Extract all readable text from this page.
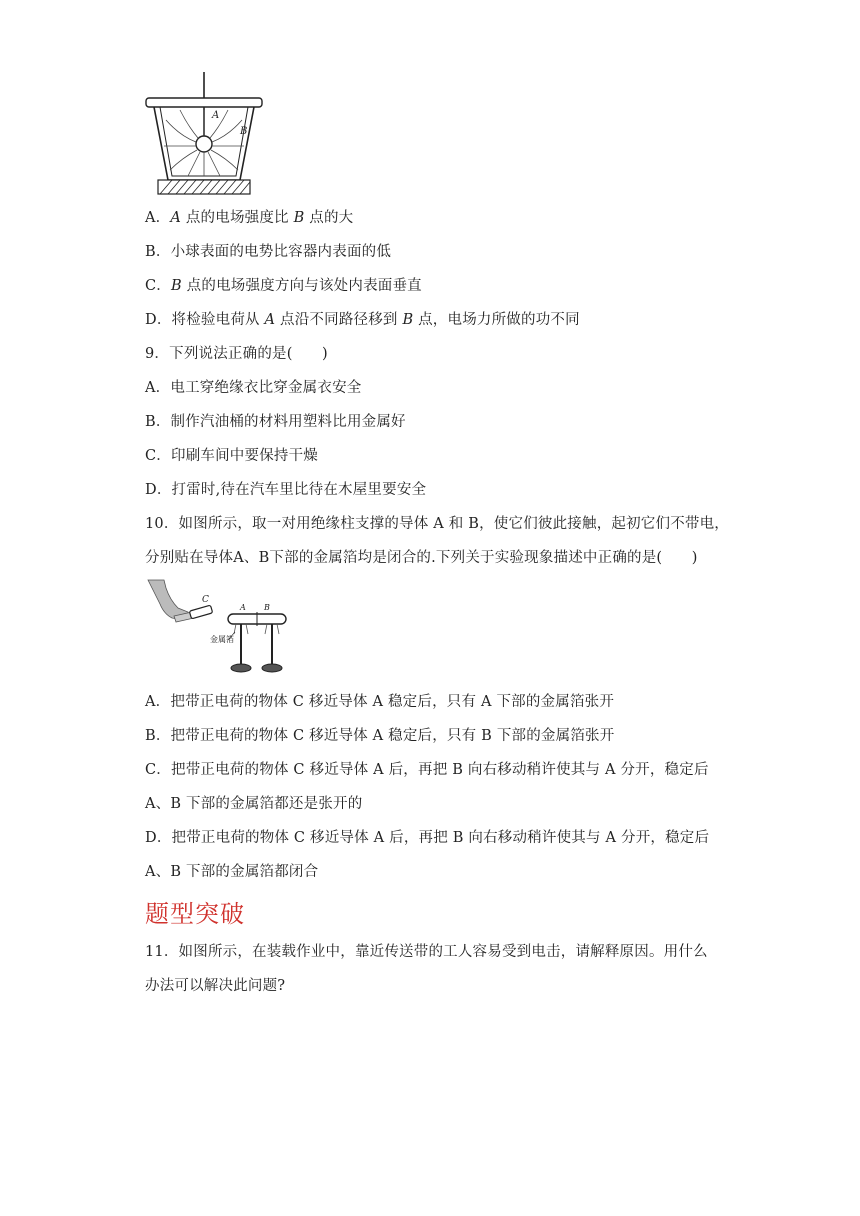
A
B
A．A 点的电场强度比 B 点的大
B．小球表面的电势比容器内表面的低
C．B 点的电场强度方向与该处内表面垂直
D．将检验电荷从 A 点沿不同路径移到 B 点，电场力所做的功不同
9．下列说法正确的是(　　)
A．电工穿绝缘衣比穿金属衣安全
B．制作汽油桶的材料用塑料比用金属好
C．印刷车间中要保持干燥
D．打雷时,待在汽车里比待在木屋里要安全
10．如图所示，取一对用绝缘柱支撑的导体 A 和 B，使它们彼此接触，起初它们不带电，
分别贴在导体A、B下部的金属箔均是闭合的.下列关于实验现象描述中正确的是(　　)
C
A B
金属箔
A．把带正电荷的物体 C 移近导体 A 稳定后，只有 A 下部的金属箔张开
B．把带正电荷的物体 C 移近导体 A 稳定后，只有 B 下部的金属箔张开
C．把带正电荷的物体 C 移近导体 A 后，再把 B 向右移动稍许使其与 A 分开，稳定后
A、B 下部的金属箔都还是张开的
D．把带正电荷的物体 C 移近导体 A 后，再把 B 向右移动稍许使其与 A 分开，稳定后
A、B 下部的金属箔都闭合
题型突破
11．如图所示，在装载作业中，靠近传送带的工人容易受到电击，请解释原因。用什么
办法可以解决此问题?
